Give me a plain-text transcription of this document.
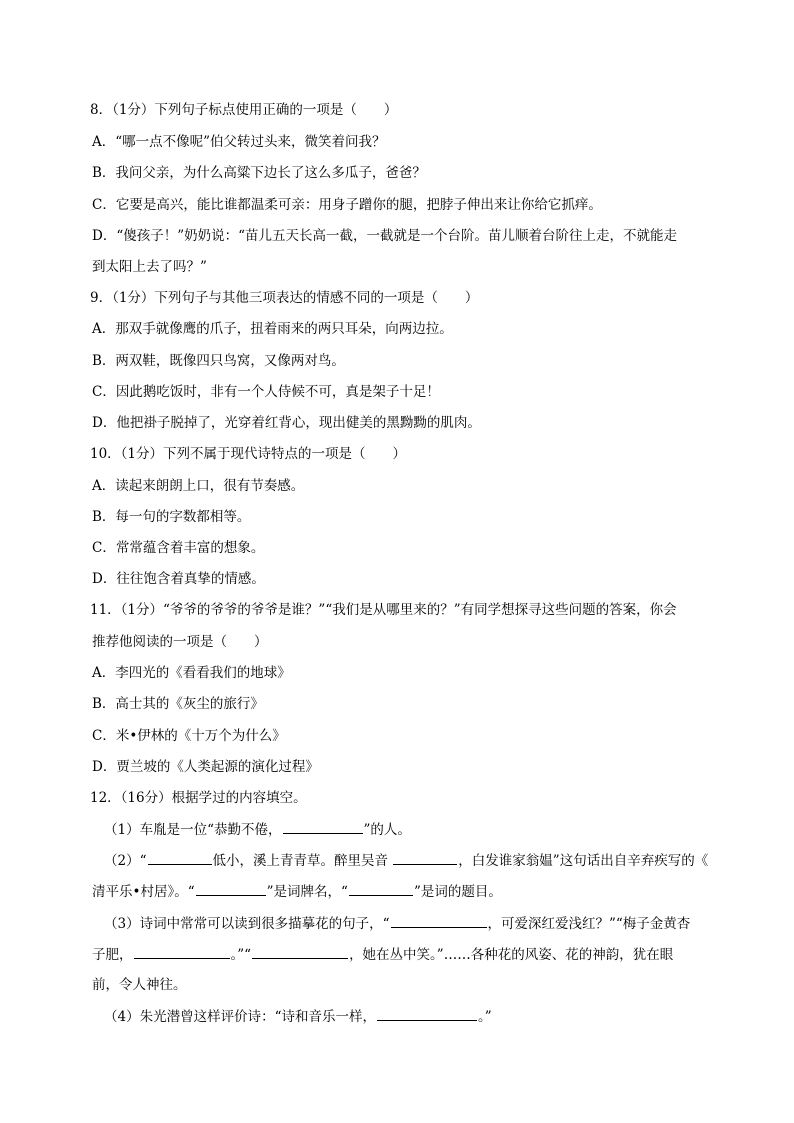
8．（1分）下列句子标点使用正确的一项是（　　）
A．“哪一点不像呢”伯父转过头来，微笑着问我？
B．我问父亲，为什么高粱下边长了这么多瓜子，爸爸？
C．它要是高兴，能比谁都温柔可亲：用身子蹭你的腿，把脖子伸出来让你给它抓痒。
D．“傻孩子！”奶奶说：“苗儿五天长高一截，一截就是一个台阶。苗儿顺着台阶往上走，不就能走
到太阳上去了吗？”
9．（1分）下列句子与其他三项表达的情感不同的一项是（　　）
A．那双手就像鹰的爪子，扭着雨来的两只耳朵，向两边拉。
B．两双鞋，既像四只鸟窝，又像两对鸟。
C．因此鹅吃饭时，非有一个人侍候不可，真是架子十足！
D．他把褂子脱掉了，光穿着红背心，现出健美的黑黝黝的肌肉。
10．（1分）下列不属于现代诗特点的一项是（　　）
A．读起来朗朗上口，很有节奏感。
B．每一句的字数都相等。
C．常常蕴含着丰富的想象。
D．往往饱含着真挚的情感。
11．（1分）“爷爷的爷爷的爷爷是谁？”“我们是从哪里来的？”有同学想探寻这些问题的答案，你会
推荐他阅读的一项是（　　）
A．李四光的《看看我们的地球》
B．高士其的《灰尘的旅行》
C．米•伊林的《十万个为什么》
D．贾兰坡的《人类起源的演化过程》
12．（16分）根据学过的内容填空。
（1）车胤是一位“恭勤不倦，	”的人。
（2）“	低小，溪上青青草。醉里吴音	，白发谁家翁媪”这句话出自辛弃疾写的《
清平乐•村居》。“	”是词牌名，“	”是词的题目。
（3）诗词中常常可以读到很多描摹花的句子，“	，可爱深红爱浅红？”“梅子金黄杏
子肥，	。”“	，她在丛中笑。”……各种花的风姿、花的神韵，犹在眼
前，令人神往。
（4）朱光潜曾这样评价诗：“诗和音乐一样，	。”
